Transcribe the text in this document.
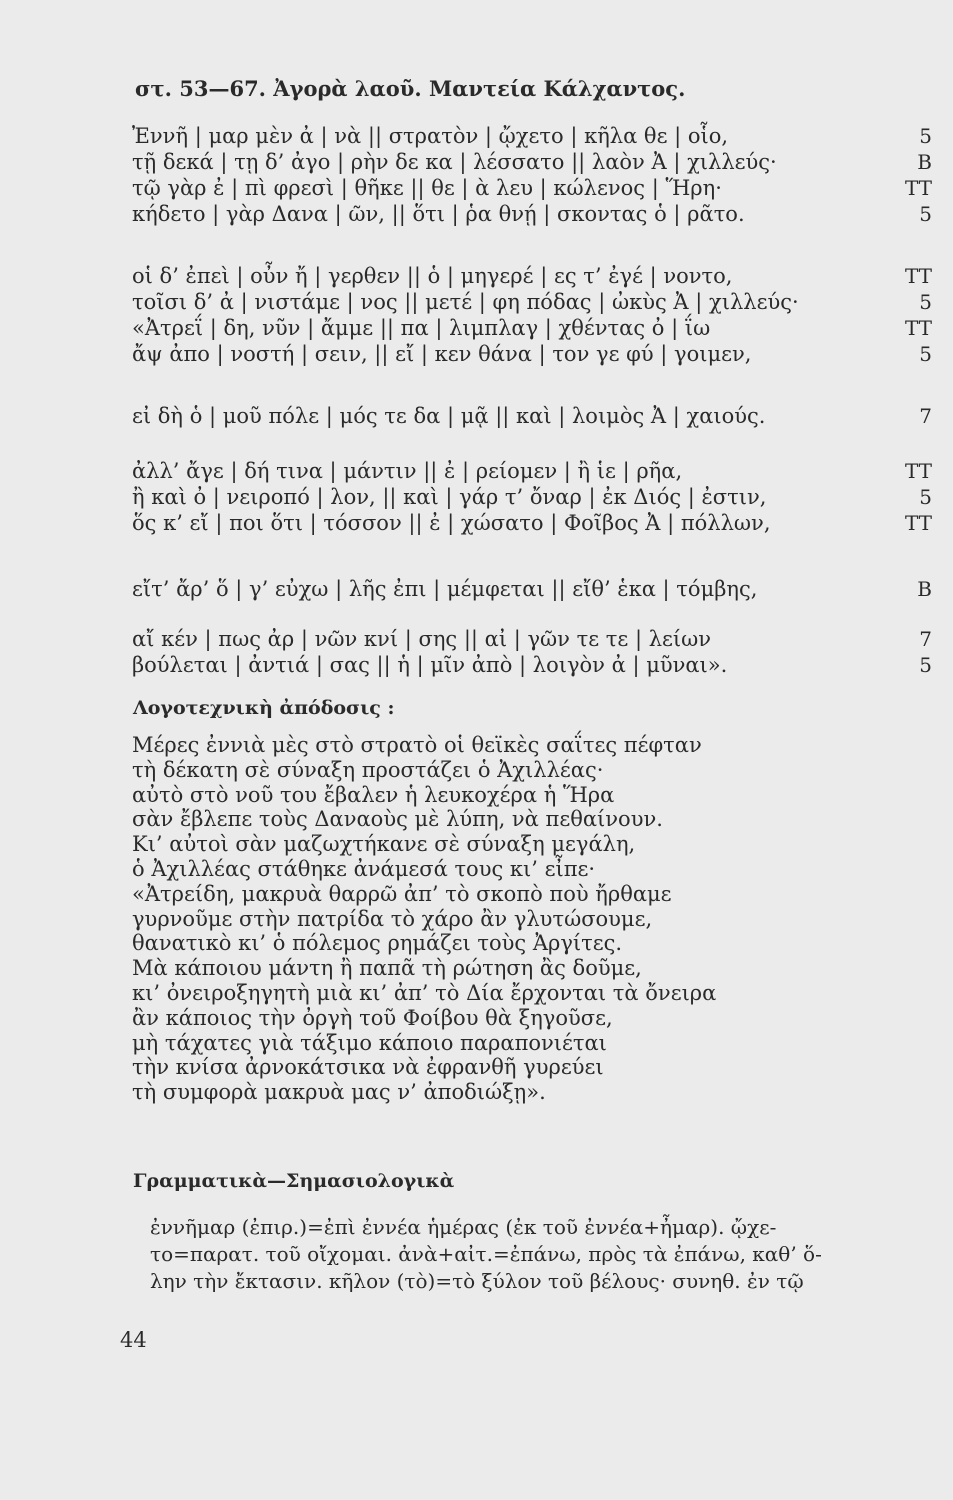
στ. 53—67. Ἀγορὰ λαοῦ. Μαντεία Κάλχαντος.
Ἐννῆ | μαρ μὲν ἀ | νὰ || στρατὸν | ᾤχετο | κῆλα θε | οἷο,	5
τῇ δεκά | τῃ δ’ ἀγο | ρὴν δε κα | λέσσατο || λαὸν Ἀ | χιλλεύς·	B
τῷ γὰρ ἐ | πὶ φρεσὶ | θῆκε || θε | ὰ λευ | κώλενος | Ἥρη·	TT
κήδετο | γὰρ Δανα | ῶν, || ὅτι | ῥα θνῄ | σκοντας ὁ | ρᾶτο.	5
οἱ δ’ ἐπεὶ | οὖν ἤ | γερθεν || ὁ | μηγερέ | ες τ’ ἐγέ | νοντο,	TT
τοῖσι δ’ ἀ | νιστάμε | νος || μετέ | φη πόδας | ὠκὺς Ἀ | χιλλεύς·	5
«Ἀτρεΐ | δη, νῦν | ἄμμε || πα | λιμπλαγ | χθέντας ὀ | ΐω	TT
ἄψ ἀπο | νοστή | σειν, || εἴ | κεν θάνα | τον γε φύ | γοιμεν,	5
εἰ δὴ ὁ | μοῦ πόλε | μός τε δα | μᾷ || καὶ | λοιμὸς Ἀ | χαιούς.	7
ἀλλ’ ἄγε | δή τινα | μάντιν || ἐ | ρείομεν | ἢ ἱε | ρῆα,	TT
ἢ καὶ ὀ | νειροπό | λον, || καὶ | γάρ τ’ ὄναρ | ἐκ Διός | ἐστιν,	5
ὅς κ’ εἴ | ποι ὅτι | τόσσον || ἐ | χώσατο | Φοῖβος Ἀ | πόλλων,	TT
εἴτ’ ἄρ’ ὅ | γ’ εὐχω | λῆς ἐπι | μέμφεται || εἴθ’ ἑκα | τόμβης,	B
αἴ κέν | πως ἀρ | νῶν κνί | σης || αἰ | γῶν τε τε | λείων	7
βούλεται | ἀντιά | σας || ἡ | μῖν ἀπὸ | λοιγὸν ἀ | μῦναι».	5
Λογοτεχνικὴ ἀπόδοσις :
Μέρες ἐννιὰ μὲς στὸ στρατὸ οἱ θεϊκὲς σαΐτες πέφταν
τὴ δέκατη σὲ σύναξη προστάζει ὁ Ἀχιλλέας·
αὐτὸ στὸ νοῦ του ἔβαλεν ἡ λευκοχέρα ἡ Ἥρα
σὰν ἔβλεπε τοὺς Δαναοὺς μὲ λύπη, νὰ πεθαίνουν.
Κι’ αὐτοὶ σὰν μαζωχτήκανε σὲ σύναξη μεγάλη,
ὁ Ἀχιλλέας στάθηκε ἀνάμεσά τους κι’ εἶπε·
«Ἀτρείδη, μακρυὰ θαρρῶ ἀπ’ τὸ σκοπὸ ποὺ ἤρθαμε
γυρνοῦμε στὴν πατρίδα τὸ χάρο ἂν γλυτώσουμε,
θανατικὸ κι’ ὁ πόλεμος ρημάζει τοὺς Ἀργίτες.
Μὰ κάποιου μάντη ἢ παπᾶ τὴ ρώτηση ἂς δοῦμε,
κι’ ὀνειροξηγητὴ μιὰ κι’ ἀπ’ τὸ Δία ἔρχονται τὰ ὄνειρα
ἂν κάποιος τὴν ὀργὴ τοῦ Φοίβου θὰ ξηγοῦσε,
μὴ τάχατες γιὰ τάξιμο κάποιο παραπονιέται
τὴν κνίσα ἀρνοκάτσικα νὰ ἐφρανθῆ γυρεύει
τὴ συμφορὰ μακρυὰ μας ν’ ἀποδιώξῃ».
Γραμματικὰ—Σημασιολογικὰ
ἐννῆμαρ (ἐπιρ.)=ἐπὶ ἐννέα ἡμέρας (ἐκ τοῦ ἐννέα+ἦμαρ). ᾤχε-
το=παρατ. τοῦ οἴχομαι. ἀνὰ+αἰτ.=ἐπάνω, πρὸς τὰ ἐπάνω, καθ’ ὅ-
λην τὴν ἔκτασιν. κῆλον (τὸ)=τὸ ξύλον τοῦ βέλους· συνηθ. ἐν τῷ
44
